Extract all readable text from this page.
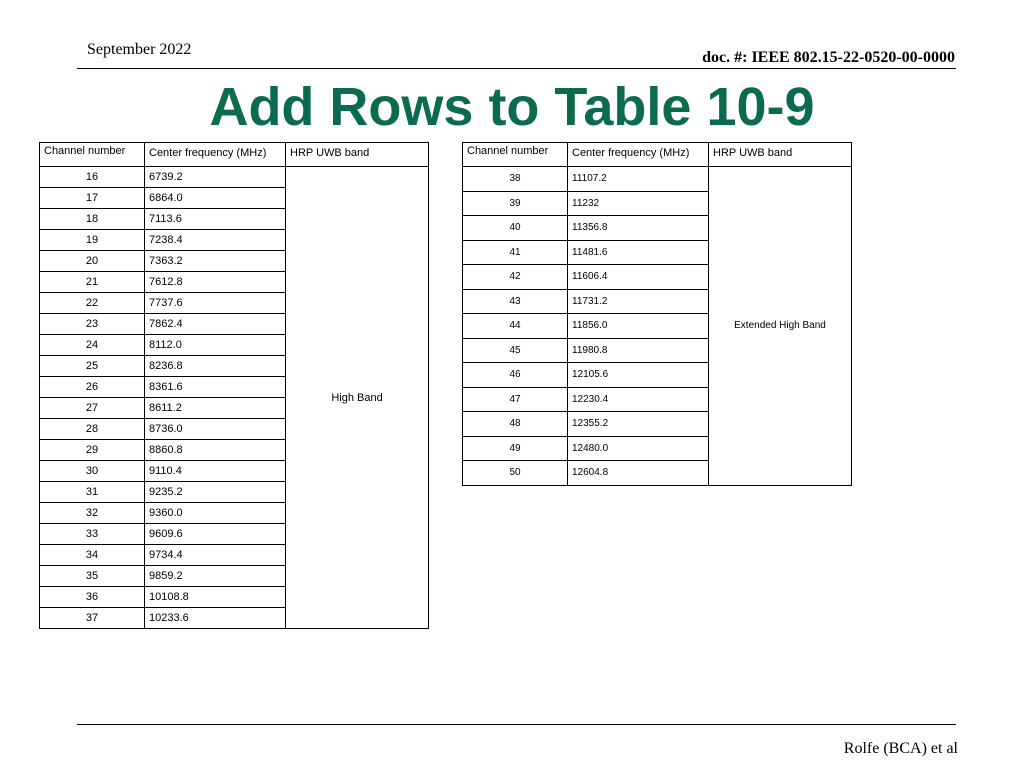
September 2022	doc. #: IEEE 802.15-22-0520-00-0000
Add Rows to Table 10-9
Channel number	Center frequency (MHz)	HRP UWB band
16	6739.2	High Band
17	6864.0	
18	7113.6	
19	7238.4	
20	7363.2	
21	7612.8	
22	7737.6	
23	7862.4	
24	8112.0	
25	8236.8	
26	8361.6	
27	8611.2	
28	8736.0	
29	8860.8	
30	9110.4	
31	9235.2	
32	9360.0	
33	9609.6	
34	9734.4	
35	9859.2	
36	10108.8	
37	10233.6	
Channel number	Center frequency (MHz)	HRP UWB band
38	11107.2	Extended High Band
39	11232	
40	11356.8	
41	11481.6	
42	11606.4	
43	11731.2	
44	11856.0	
45	11980.8	
46	12105.6	
47	12230.4	
48	12355.2	
49	12480.0	
50	12604.8	
Rolfe (BCA) et al
